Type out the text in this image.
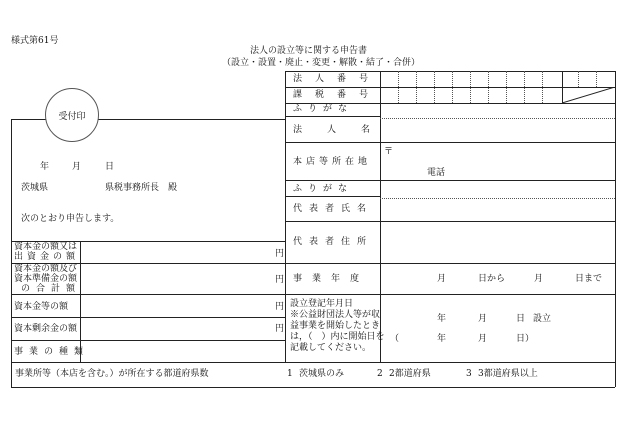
様式第61号
法人の設立等に関する申告書
（設立・設置・廃止・変更・解散・結了・合併）
受付印
年	月	日
茨城県	県税事務所長　殿
次のとおり申告します。
法人番号
課税番号
ふりがな
法人名
本店等所在地
〒
電話
ふりがな
代表者氏名
代表者住所
事業年度	月	日から	月	日まで
設立登記年月日
※公益財団法人等が収
益事業を開始したとき
は，（　）内に開始日を
記載してください。
年	月	日 設立
（	年	月	日）
資本金の額又は
出資金の額	円
資本金の額及び
資本準備金の額
の合計額
円
資本金等の額	円
資本剰余金の額	円
事業の種類
事業所等（本店を含む。）が所在する都道府県数	1 茨城県のみ	2 2都道府県	3 3都道府県以上
